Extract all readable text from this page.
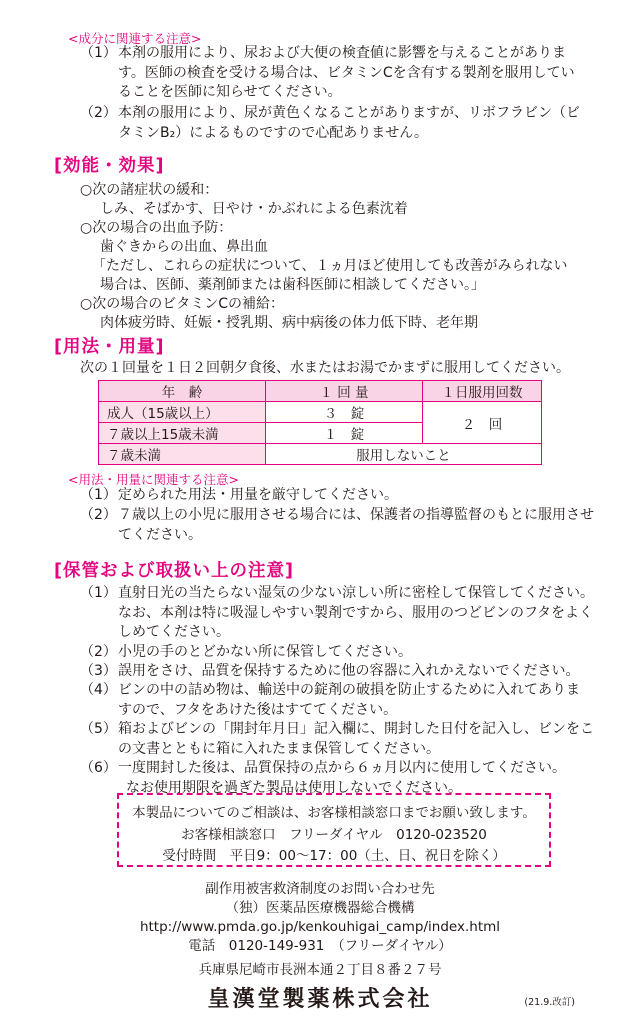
<成分に関連する注意>
（1） 本剤の服用により、尿および大便の検査値に影響を与えることがありま
す。医師の検査を受ける場合は、ビタミンCを含有する製剤を服用してい
ることを医師に知らせてください。
（2） 本剤の服用により、尿が黄色くなることがありますが、リボフラビン（ビ
タミンB₂）によるものですので心配ありません。
[効能・効果]
○次の諸症状の緩和：
しみ、そばかす、日やけ・かぶれによる色素沈着
○次の場合の出血予防：
歯ぐきからの出血、鼻出血
「ただし、これらの症状について、１ヵ月ほど使用しても改善がみられない
場合は、医師、薬剤師または歯科医師に相談してください。」
○次の場合のビタミンCの補給：
肉体疲労時、妊娠・授乳期、病中病後の体力低下時、老年期
[用法・用量]
次の１回量を１日２回朝夕食後、水またはお湯でかまずに服用してください。
年　齢	１ 回 量	１日服用回数
成人（15歳以上）	３　錠	２　回
７歳以上15歳未満	１　錠	
７歳未満	服用しないこと	
<用法・用量に関連する注意>
（1） 定められた用法・用量を厳守してください。
（2） ７歳以上の小児に服用させる場合には、保護者の指導監督のもとに服用させ
てください。
[保管および取扱い上の注意]
（1） 直射日光の当たらない湿気の少ない涼しい所に密栓して保管してください。
なお、本剤は特に吸湿しやすい製剤ですから、服用のつどビンのフタをよく
しめてください。
（2） 小児の手のとどかない所に保管してください。
（3） 誤用をさけ、品質を保持するために他の容器に入れかえないでください。
（4） ビンの中の詰め物は、輸送中の錠剤の破損を防止するために入れてありま
すので、フタをあけた後はすててください。
（5） 箱およびビンの「開封年月日」記入欄に、開封した日付を記入し、ビンをこ
の文書とともに箱に入れたまま保管してください。
（6） 一度開封した後は、品質保持の点から６ヵ月以内に使用してください。
なお使用期限を過ぎた製品は使用しないでください。
本製品についてのご相談は、お客様相談窓口までお願い致します。
お客様相談窓口　フリーダイヤル　0120-023520
受付時間　平日9：00〜17：00（土、日、祝日を除く）
副作用被害救済制度のお問い合わせ先
（独）医薬品医療機器総合機構
http://www.pmda.go.jp/kenkouhigai_camp/index.html
電話　0120-149-931　（フリーダイヤル）
兵庫県尼崎市長洲本通２丁目８番２７号
皇漢堂製薬株式会社	(21.9.改訂)
